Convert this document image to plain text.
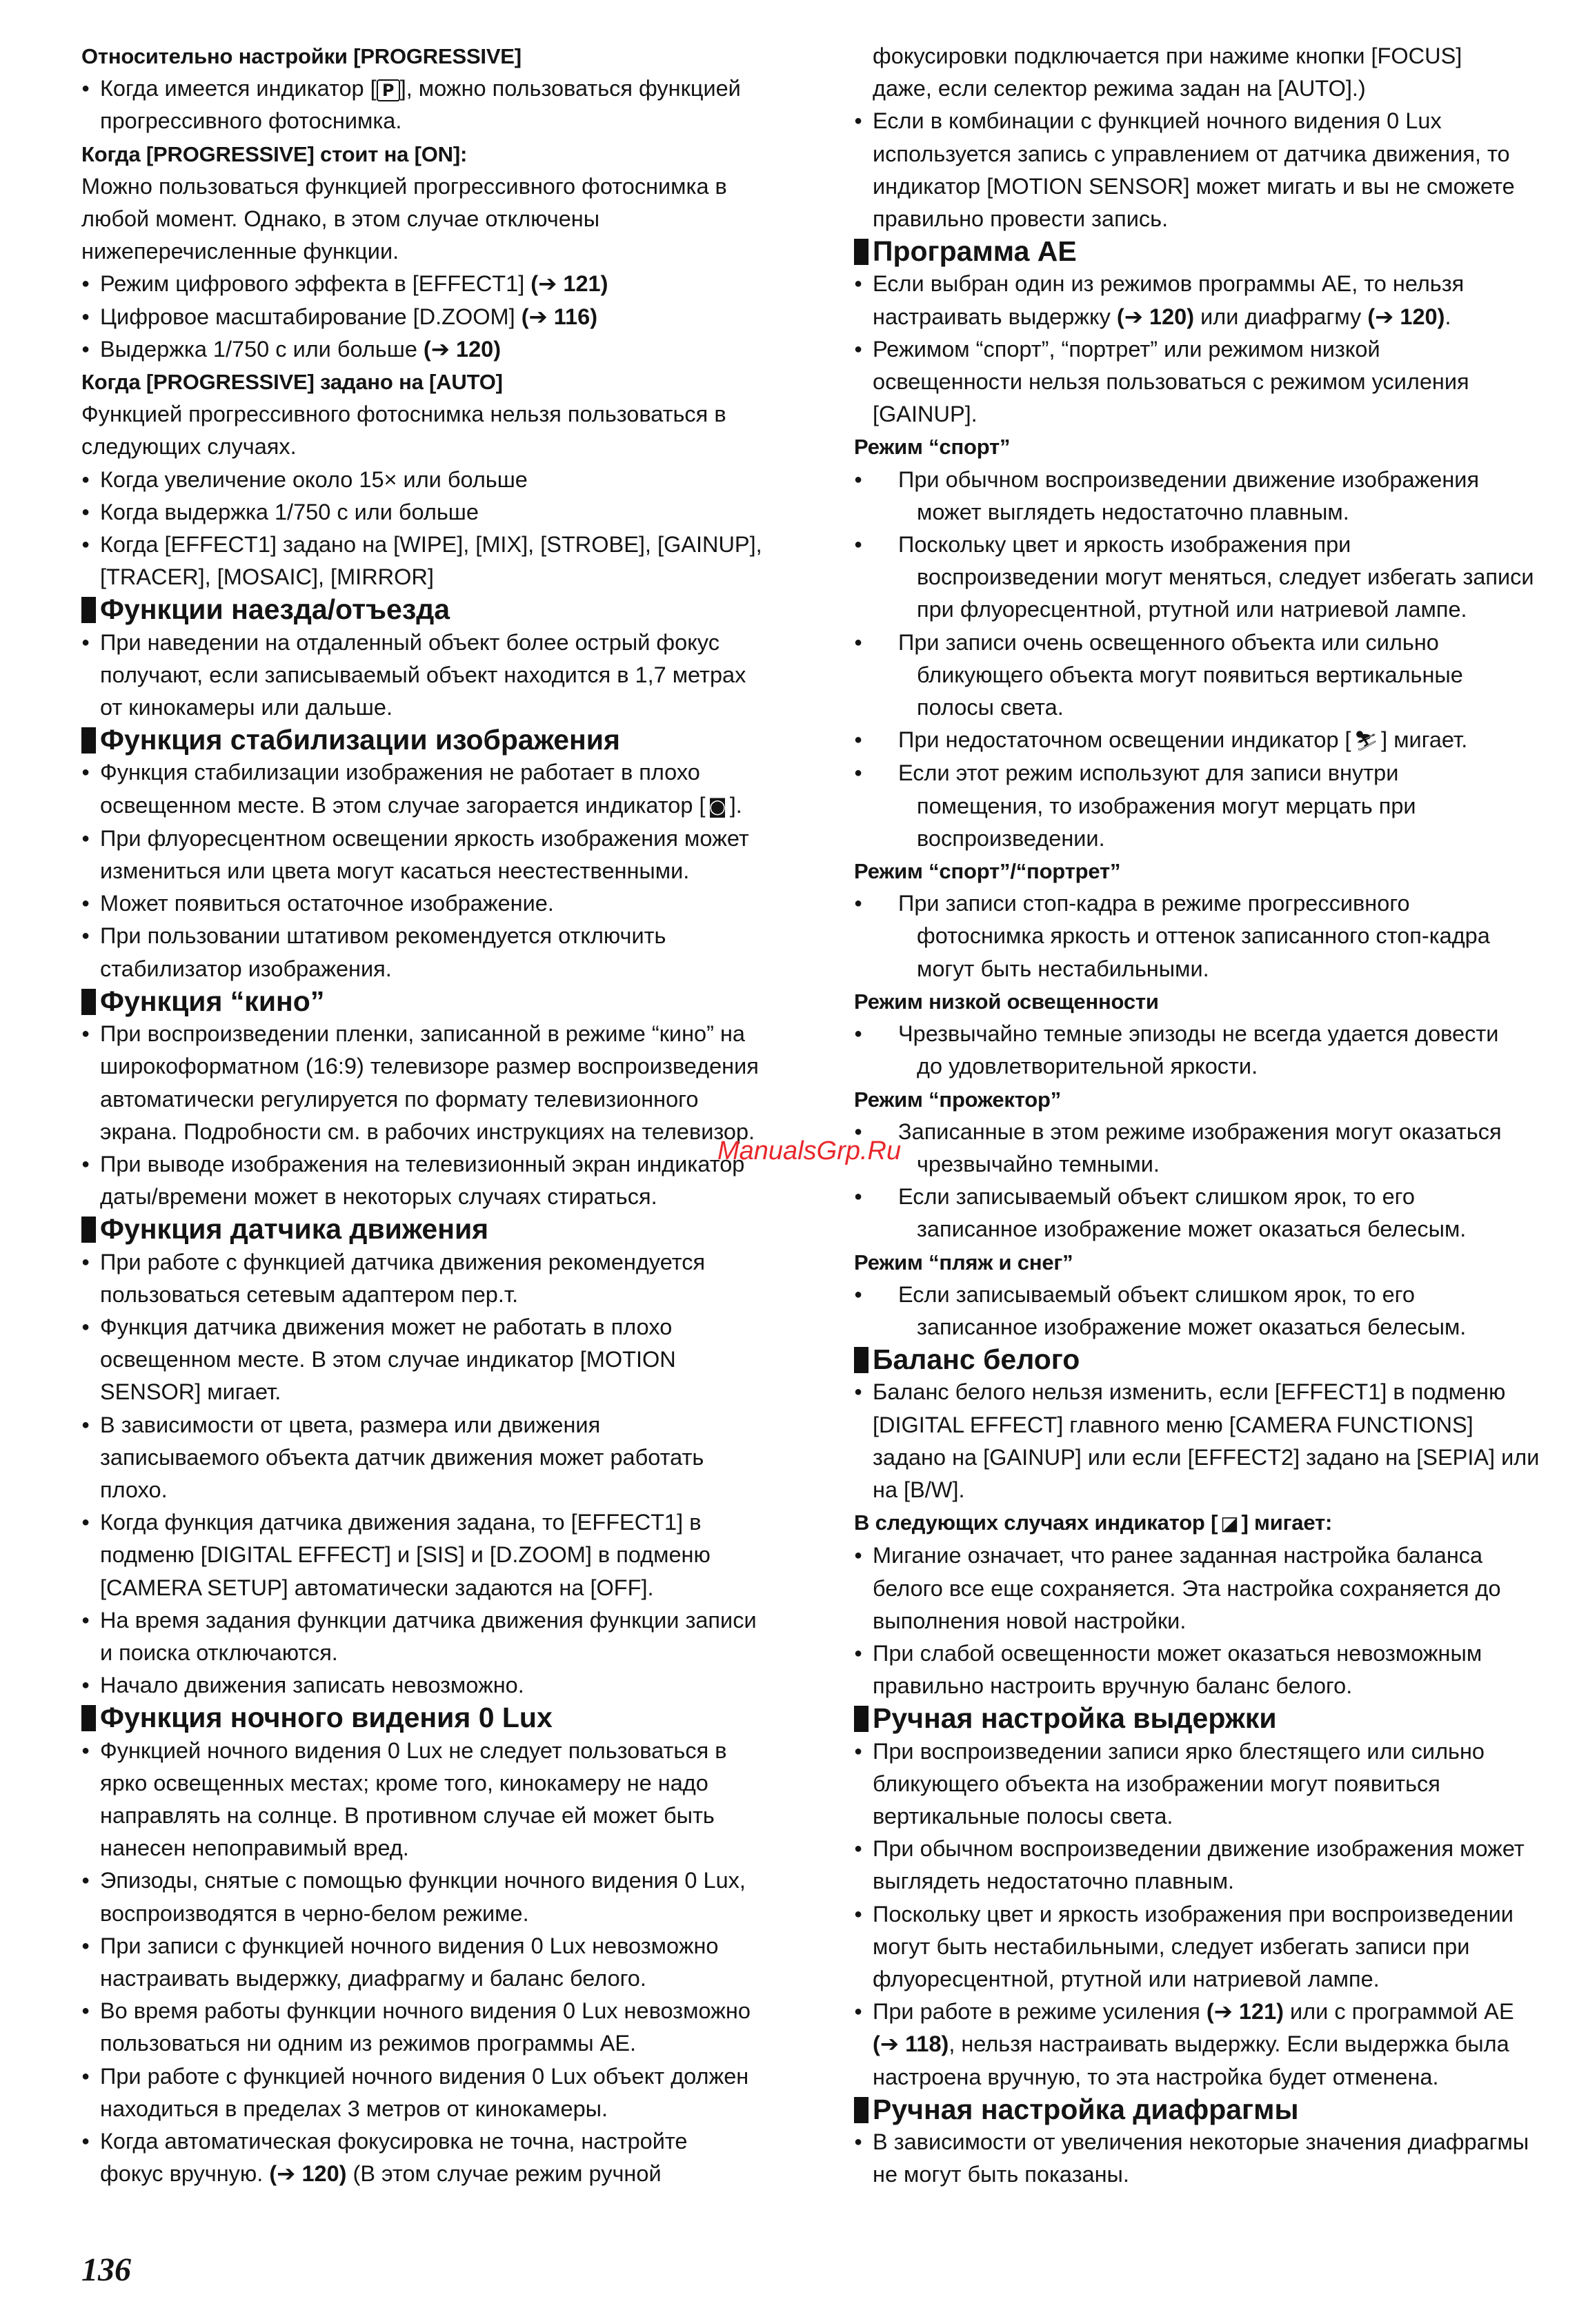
Относительно настройки [PROGRESSIVE]

● Когда имеется индикатор [ P ], можно пользоваться функцией

прогрессивного фотоснимка.

Когда [PROGRESSIVE] стоит на [ON]:

Можно пользоваться функцией прогрессивного фотоснимка в

любой момент. Однако, в этом случае отключены

нижеперечисленные функции.

● Режим цифрового эффекта в [EFFECT1] (➔ 121)
● Цифровое масштабирование [D.ZOOM] (➔ 116)
● Выдержка 1/750 с или больше (➔ 120)

Когда [PROGRESSIVE] задано на [AUTO]

Функцией прогрессивного фотоснимка нельзя пользоваться в

следующих случаях.

● Когда увеличение около 15× или больше

● Когда выдержка 1/750 с или больше

● Когда [EFFECT1] задано на [WIPE], [MIX], [STROBE], [GAINUP],

[TRACER], [MOSAIC], [MIRROR]

Функции наезда/отъезда

● При наведении на отдаленный объект более острый фокус

получают, если записываемый объект находится в 1,7 метрах

от кинокамеры или дальше.

Функция стабилизации изображения

● Функция стабилизации изображения не работает в плохо

освещенном месте. В этом случае загорается индикатор [ ◙ ].

● При флуоресцентном освещении яркость изображения может

измениться или цвета могут касаться неестественными.

● Может появиться остаточное изображение.

● При пользовании штативом рекомендуется отключить

стабилизатор изображения.

Функция “кино”

● При воспроизведении пленки, записанной в режиме “кино” на

широкоформатном (16:9) телевизоре размер воспроизведения

автоматически регулируется по формату телевизионного

экрана. Подробности см. в рабочих инструкциях на телевизор.

● При выводе изображения на телевизионный экран индикатор

даты/времени может в некоторых случаях стираться.

Функция датчика движения

● При работе с функцией датчика движения рекомендуется

пользоваться сетевым адаптером пер.т.

● Функция датчика движения может не работать в плохо

освещенном месте. В этом случае индикатор [MOTION

SENSOR] мигает.

● В зависимости от цвета, размера или движения

записываемого объекта датчик движения может работать

плохо.

● Когда функция датчика движения задана, то [EFFECT1] в

подменю [DIGITAL EFFECT] и [SIS] и [D.ZOOM] в подменю

[CAMERA SETUP] автоматически задаются на [OFF].

● На время задания функции датчика движения функции записи

и поиска отключаются.

● Начало движения записать невозможно.

Функция ночного видения 0 Lux

● Функцией ночного видения 0 Lux не следует пользоваться в

ярко освещенных местах; кроме того, кинокамеру не надо

направлять на солнце. В противном случае ей может быть

нанесен непоправимый вред.

● Эпизоды, снятые с помощью функции ночного видения 0 Lux,

воспроизводятся в черно-белом режиме.

● При записи с функцией ночного видения 0 Lux невозможно

настраивать выдержку, диафрагму и баланс белого.

● Во время работы функции ночного видения 0 Lux невозможно

пользоваться ни одним из режимов программы AE.

● При работе с функцией ночного видения 0 Lux объект должен

находиться в пределах 3 метров от кинокамеры.

● Когда автоматическая фокусировка не точна, настройте

фокус вручную. (➔ 120) (В этом случае режим ручной

фокусировки подключается при нажиме кнопки [FOCUS]

даже, если селектор режима задан на [AUTO].)

● Если в комбинации с функцией ночного видения 0 Lux

используется запись с управлением от датчика движения, то

индикатор [MOTION SENSOR] может мигать и вы не сможете

правильно провести запись.

Программа AE

● Если выбран один из режимов программы AE, то нельзя

настраивать выдержку (➔ 120) или диафрагму (➔ 120).

● Режимом “спорт”, “портрет” или режимом низкой

освещенности нельзя пользоваться с режимом усиления

[GAINUP].

Режим “спорт”

● При обычном воспроизведении движение изображения

может выглядеть недостаточно плавным.

● Поскольку цвет и яркость изображения при

воспроизведении могут меняться, следует избегать записи

при флуоресцентной, ртутной или натриевой лампе.

● При записи очень освещенного объекта или сильно

бликующего объекта могут появиться вертикальные

полосы света.

● При недостаточном освещении индикатор [ ⛷ ] мигает.

● Если этот режим используют для записи внутри

помещения, то изображения могут мерцать при

воспроизведении.

Режим “спорт”/“портрет”

● При записи стоп-кадра в режиме прогрессивного

фотоснимка яркость и оттенок записанного стоп-кадра

могут быть нестабильными.

Режим низкой освещенности

● Чрезвычайно темные эпизоды не всегда удается довести

до удовлетворительной яркости.

Режим “прожектор”

● Записанные в этом режиме изображения могут оказаться

чрезвычайно темными.

● Если записываемый объект слишком ярок, то его

записанное изображение может оказаться белесым.

Режим “пляж и снег”

● Если записываемый объект слишком ярок, то его

записанное изображение может оказаться белесым.

Баланс белого

● Баланс белого нельзя изменить, если [EFFECT1] в подменю

[DIGITAL EFFECT] главного меню [CAMERA FUNCTIONS]

задано на [GAINUP] или если [EFFECT2] задано на [SEPIA] или

на [B/W].

В следующих случаях индикатор [ ◪ ] мигает:

● Мигание означает, что ранее заданная настройка баланса

белого все еще сохраняется. Эта настройка сохраняется до

выполнения новой настройки.

● При слабой освещенности может оказаться невозможным

правильно настроить вручную баланс белого.

Ручная настройка выдержки

● При воспроизведении записи ярко блестящего или сильно

бликующего объекта на изображении могут появиться

вертикальные полосы света.

● При обычном воспроизведении движение изображения может

выглядеть недостаточно плавным.

● Поскольку цвет и яркость изображения при воспроизведении

могут быть нестабильными, следует избегать записи при

флуоресцентной, ртутной или натриевой лампе.

● При работе в режиме усиления (➔ 121) или с программой AE
(➔ 118), нельзя настраивать выдержку. Если выдержка была

настроена вручную, то эта настройка будет отменена.

Ручная настройка диафрагмы

● В зависимости от увеличения некоторые значения диафрагмы

не могут быть показаны.

ManualsGrp.Ru
136
